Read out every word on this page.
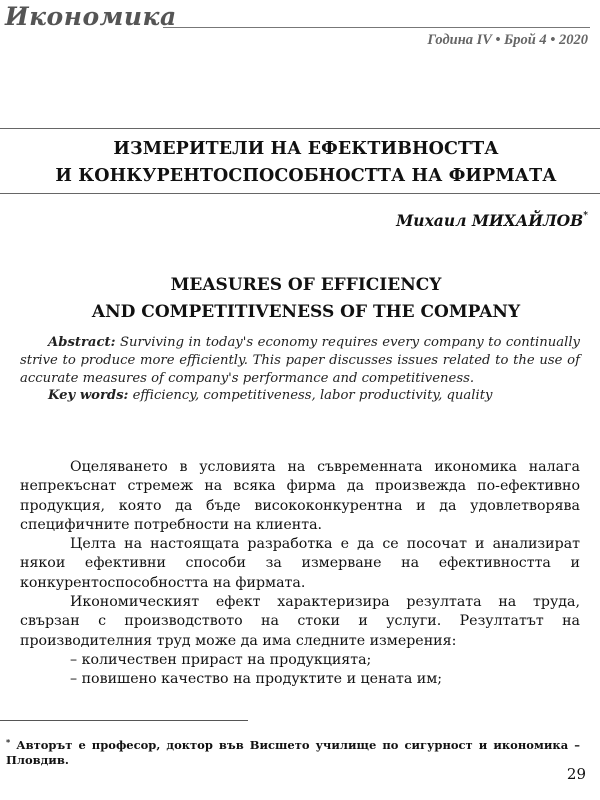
Икономика
Година IV • Брой 4 • 2020
ИЗМЕРИТЕЛИ НА ЕФЕКТИВНОСТТА
И КОНКУРЕНТОСПОСОБНОСТТА НА ФИРМАТА
Михаил МИХАЙЛОВ*
MEASURES OF EFFICIENCY
AND COMPETITIVENESS OF THE COMPANY

Abstract: Surviving in today's economy requires every company to continually strive to produce more efficiently. This paper discusses issues related to the use of accurate measures of company's performance and competitiveness.

Key words: efficiency, competitiveness, labor productivity, quality

Оцеляването в условията на съвременната икономика налага непрекъснат стремеж на всяка фирма да произвежда по-ефективно продукция, която да бъде висококонкурентна и да удовлетворява специфичните потребности на клиента.

Целта на настоящата разработка е да се посочат и анализират някои ефективни способи за измерване на ефективността и конкурентоспособността на фирмата.

Икономическият ефект характеризира резултата на труда, свързан с производството на стоки и услуги. Резултатът на производителния труд може да има следните измерения:

– количествен прираст на продукцията;

– повишено качество на продуктите и цената им;

* Авторът е професор, доктор във Висшето училище по сигурност и икономика – Пловдив.
29
